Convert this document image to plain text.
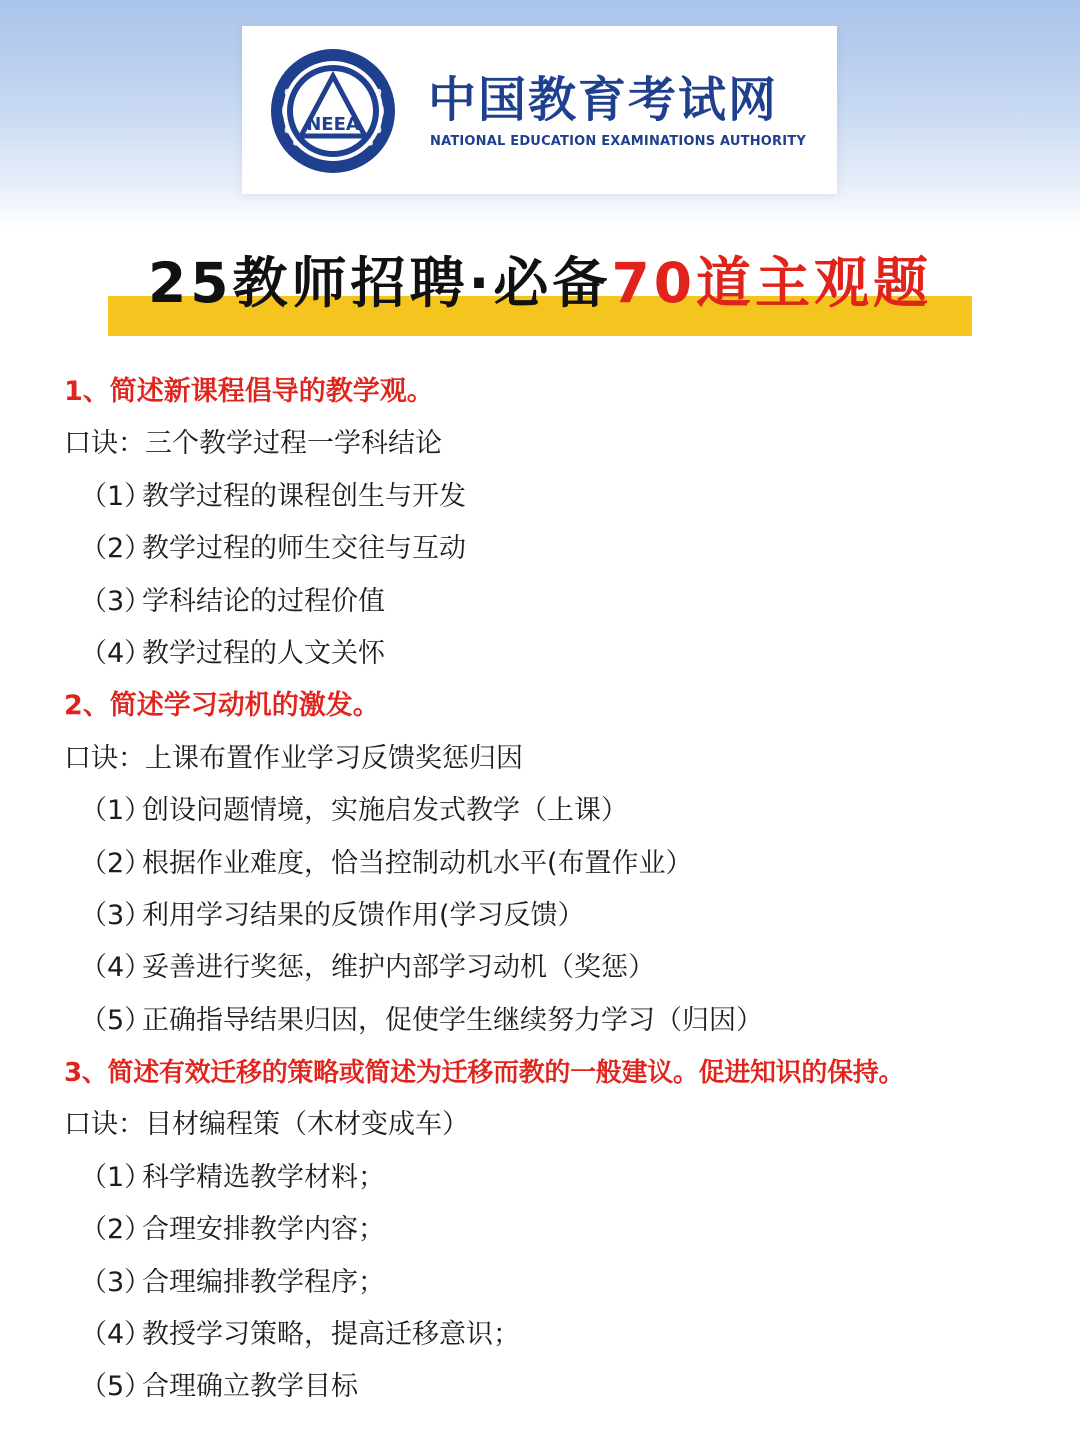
NEEA 中国教育考试网
NATIONAL EDUCATION EXAMINATIONS AUTHORITY
25教师招聘·必备70道主观题
1、简述新课程倡导的教学观。
口诀：三个教学过程一学科结论
（1）教学过程的课程创生与开发
（2）教学过程的师生交往与互动
（3）学科结论的过程价值
（4）教学过程的人文关怀
2、简述学习动机的激发。
口诀：上课布置作业学习反馈奖惩归因
（1）创设问题情境，实施启发式教学（上课）
（2）根据作业难度，恰当控制动机水平(布置作业）
（3）利用学习结果的反馈作用(学习反馈）
（4）妥善进行奖惩，维护内部学习动机（奖惩）
（5）正确指导结果归因，促使学生继续努力学习（归因）
3、简述有效迁移的策略或简述为迁移而教的一般建议。促进知识的保持。
口诀：目材编程策（木材变成车）
（1）科学精选教学材料；
（2）合理安排教学内容；
（3）合理编排教学程序；
（4）教授学习策略，提高迁移意识；
（5）合理确立教学目标
